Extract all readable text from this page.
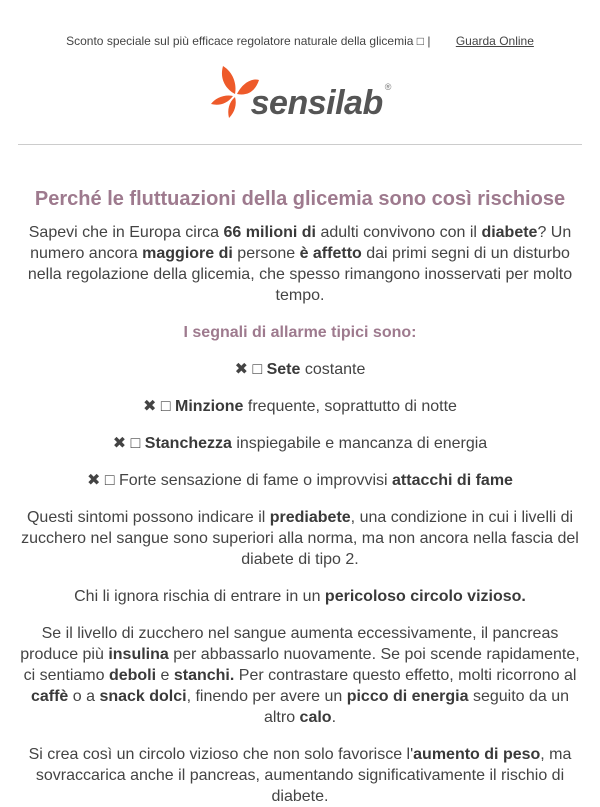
Sconto speciale sul più efficace regolatore naturale della glicemia □ | Guarda Online
sensilab ®
Perché le fluttuazioni della glicemia sono così rischiose

Sapevi che in Europa circa 66 milioni di adulti convivono con il diabete? Un numero ancora maggiore di persone è affetto dai primi segni di un disturbo nella regolazione della glicemia, che spesso rimangono inosservati per molto tempo.

I segnali di allarme tipici sono:

✖ □ Sete costante

✖ □ Minzione frequente, soprattutto di notte

✖ □ Stanchezza inspiegabile e mancanza di energia

✖ □ Forte sensazione di fame o improvvisi attacchi di fame

Questi sintomi possono indicare il prediabete, una condizione in cui i livelli di zucchero nel sangue sono superiori alla norma, ma non ancora nella fascia del diabete di tipo 2.

Chi li ignora rischia di entrare in un pericoloso circolo vizioso.

Se il livello di zucchero nel sangue aumenta eccessivamente, il pancreas produce più insulina per abbassarlo nuovamente. Se poi scende rapidamente, ci sentiamo deboli e stanchi. Per contrastare questo effetto, molti ricorrono al caffè o a snack dolci, finendo per avere un picco di energia seguito da un altro calo.

Si crea così un circolo vizioso che non solo favorisce l'aumento di peso, ma sovraccarica anche il pancreas, aumentando significativamente il rischio di diabete.
